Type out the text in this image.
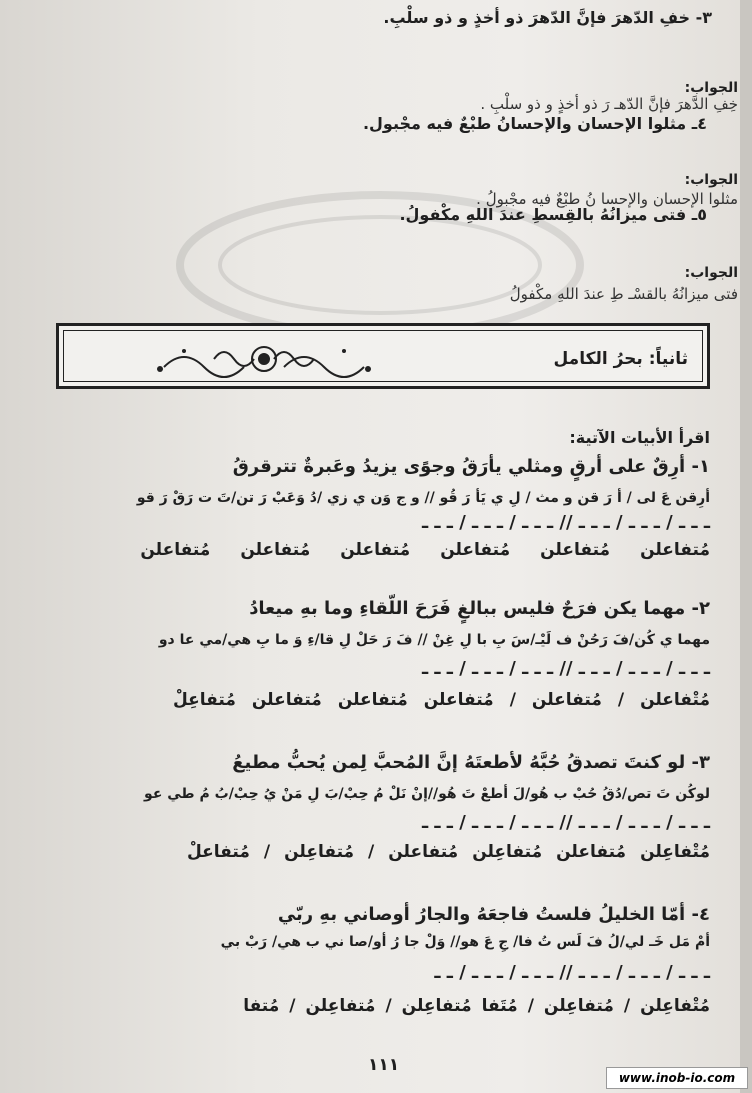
٣- خفِ الدّهرَ فإنَّ الدّهرَ ذو أخذٍ و ذو سلْبِ.
الجواب:
خِفِ الدَّهرَ فإنَّ الدّهـ رَ ذو أخذٍ و ذو سلْبِ .
٤ـ مثلوا الإحسان والإحسانُ طبْعٌ فيه مجْبول.
الجواب:
مثلوا الإحسان والإحسا نُ طبْعٌ فيه مجْبولُ .
٥ـ فتى ميزانُهُ بالقِسطِ عندَ اللهِ مكْفولُ.
الجواب:
فتى ميزانُهُ بالقسْـ طِ عندَ اللهِ مكْفولُ
ثانياً: بحرُ الكامل
اقرأ الأبيات الآتية:
١- أرِقٌ على أرقٍ ومثلي يأرَقُ وجوًى يزيدُ وعَبرةٌ تترقرقُ
أرِقن عَ لى / أ رَ قن و مث / لِ ي يَأ رَ قُو // و ج وَن ي زي /دُ وَعَبْ رَ تن/تَ ت رَقْ رَ قو
ـ ـ ـ / ـ ـ ـ / ـ ـ ـ // ـ ـ ـ / ـ ـ ـ / ـ ـ ـ
مُتفاعلن
مُتفاعلن
مُتفاعلن
مُتفاعلن
مُتفاعلن
مُتفاعلن
٢- مهما يكن فرَحٌ فليس ببالغٍ فَرَحَ اللّقاءِ وما بهِ ميعادُ
مهما ي كُن/فَ رَحُنْ ف لَيْـ/سَ بِ با لِ غِنْ // فَ رَ حَلْ لِ قا/ءِ وَ ما بِ هي/مي عا دو
ـ ـ ـ / ـ ـ ـ / ـ ـ ـ // ـ ـ ـ / ـ ـ ـ / ـ ـ ـ
مُتْفاعلن
/
مُتفاعلن
/
مُتفاعلن
مُتفاعلن
مُتفاعلن
مُتفاعِلْ
٣- لو كنتَ تصدقُ حُبَّهُ لأطعتَهُ إنَّ المُحبَّ لِمن يُحبُّ مطيعُ
لوكُن تَ تص/دُقُ حُبْ ب هُو/لَ أطعْ تَ هُو//إنْ نَلْ مُ حِبْ/بَ لِ مَنْ يُ حِبْ/بُ مُ طي عو
ـ ـ ـ / ـ ـ ـ / ـ ـ ـ // ـ ـ ـ / ـ ـ ـ / ـ ـ ـ
مُتْفاعِلن
مُتفاعلن
مُتفاعِلن
مُتفاعلن
/
مُتفاعِلن
/
مُتفاعلْ
٤- أمّا الخليلُ فلستُ فاجعَهُ والجارُ أوصاني بهِ ربّي
أمْ مَل خَـ لي/لُ فَ لَس تُ فا/ جِ عَ هو// وَلْ جا رُ أو/صا ني ب هي/ رَبْ بي
ـ ـ ـ / ـ ـ ـ / ـ ـ ـ // ـ ـ ـ / ـ ـ ـ / ـ ـ
مُتْفاعِلن
/
مُتفاعِلن
/
مُتَفا
مُتفاعِلن
/
مُتفاعِلن
/
مُتفا
١١١
www.inob-io.com
